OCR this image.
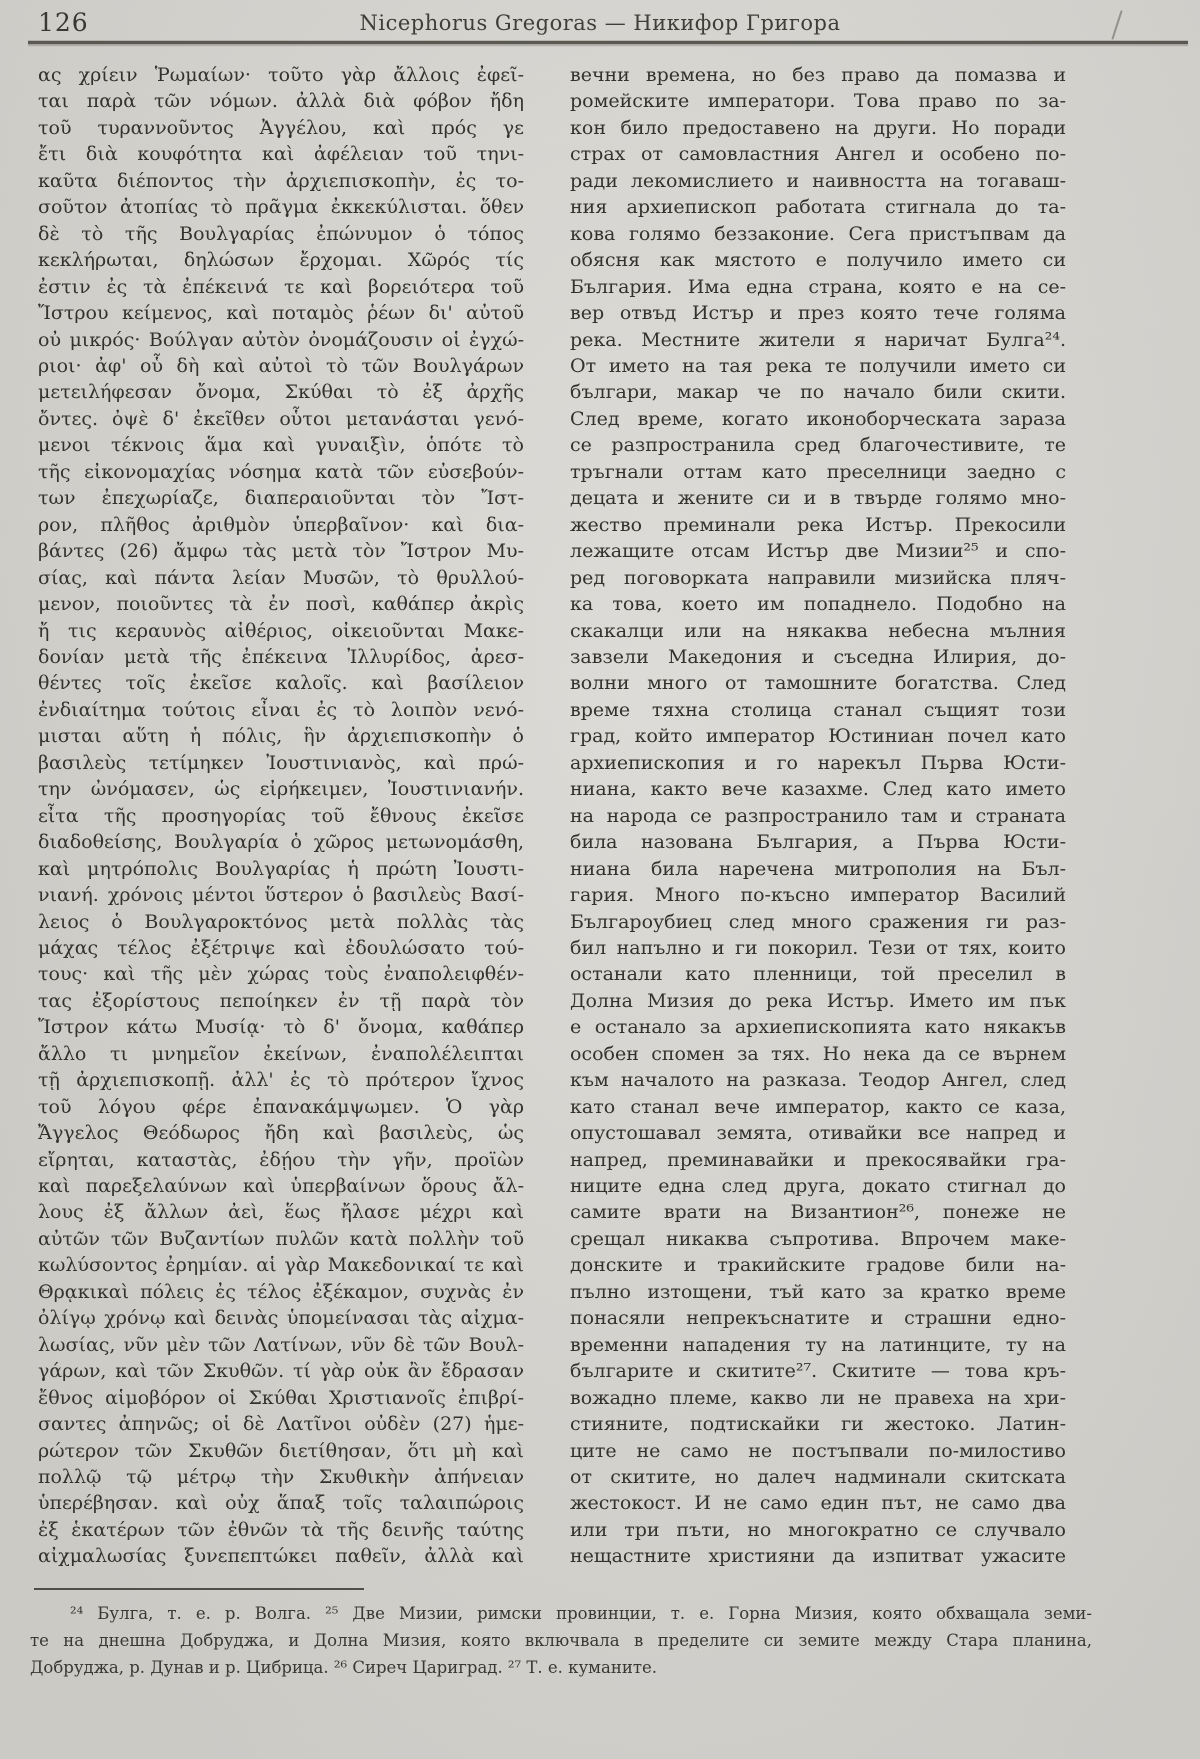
126	Nicephorus Gregoras — Никифор Григора
ας χρίειν Ῥωμαίων· τοῦτο γὰρ ἄλλοις ἐφεῖ-
ται παρὰ τῶν νόμων. ἀλλὰ διὰ φόβον ἤδη
τοῦ τυραννοῦντος Ἀγγέλου, καὶ πρός γε
ἔτι διὰ κουφότητα καὶ ἀφέλειαν τοῦ τηνι-
καῦτα διέποντος τὴν ἀρχιεπισκοπὴν, ἐς το-
σοῦτον ἀτοπίας τὸ πρᾶγμα ἐκκεκύλισται. ὅθεν
δὲ τὸ τῆς Βουλγαρίας ἐπώνυμον ὁ τόπος
κεκλήρωται, δηλώσων ἔρχομαι. Χῶρός τίς
ἐστιν ἐς τὰ ἐπέκεινά τε καὶ βορειότερα τοῦ
Ἴστρου κείμενος, καὶ ποταμὸς ῥέων δι' αὐτοῦ
οὐ μικρός· Βούλγαν αὐτὸν ὀνομάζουσιν οἱ ἐγχώ-
ριοι· ἀφ' οὗ δὴ καὶ αὐτοὶ τὸ τῶν Βουλγάρων
μετειλήφεσαν ὄνομα, Σκύθαι τὸ ἐξ ἀρχῆς
ὄντες. ὀψὲ δ' ἐκεῖθεν οὗτοι μετανάσται γενό-
μενοι τέκνοις ἅμα καὶ γυναιξὶν, ὁπότε τὸ
τῆς εἰκονομαχίας νόσημα κατὰ τῶν εὐσεβούν-
των ἐπεχωρίαζε, διαπεραιοῦνται τὸν Ἴστ-
ρον, πλῆθος ἀριθμὸν ὑπερβαῖνον· καὶ δια-
βάντες (26) ἄμφω τὰς μετὰ τὸν Ἴστρον Μυ-
σίας, καὶ πάντα λείαν Μυσῶν, τὸ θρυλλού-
μενον, ποιοῦντες τὰ ἐν ποσὶ, καθάπερ ἀκρὶς
ἤ τις κεραυνὸς αἰθέριος, οἰκειοῦνται Μακε-
δονίαν μετὰ τῆς ἐπέκεινα Ἰλλυρίδος, ἀρεσ-
θέντες τοῖς ἐκεῖσε καλοῖς. καὶ βασίλειον
ἐνδιαίτημα τούτοις εἶναι ἐς τὸ λοιπὸν νενό-
μισται αὕτη ἡ πόλις, ἣν ἀρχιεπισκοπὴν ὁ
βασιλεὺς τετίμηκεν Ἰουστινιανὸς, καὶ πρώ-
την ὠνόμασεν, ὡς εἰρήκειμεν, Ἰουστινιανήν.
εἶτα τῆς προσηγορίας τοῦ ἔθνους ἐκεῖσε
διαδοθείσης, Βουλγαρία ὁ χῶρος μετωνομάσθη,
καὶ μητρόπολις Βουλγαρίας ἡ πρώτη Ἰουστι-
νιανή. χρόνοις μέντοι ὕστερον ὁ βασιλεὺς Βασί-
λειος ὁ Βουλγαροκτόνος μετὰ πολλὰς τὰς
μάχας τέλος ἐξέτριψε καὶ ἐδουλώσατο τού-
τους· καὶ τῆς μὲν χώρας τοὺς ἐναπολειφθέν-
τας ἐξορίστους πεποίηκεν ἐν τῇ παρὰ τὸν
Ἴστρον κάτω Μυσίᾳ· τὸ δ' ὄνομα, καθάπερ
ἄλλο τι μνημεῖον ἐκείνων, ἐναπολέλειπται
τῇ ἀρχιεπισκοπῇ. ἀλλ' ἐς τὸ πρότερον ἴχνος
τοῦ λόγου φέρε ἐπανακάμψωμεν. Ὁ γὰρ
Ἄγγελος Θεόδωρος ἤδη καὶ βασιλεὺς, ὡς
εἴρηται, καταστὰς, ἐδῄου τὴν γῆν, προϊὼν
καὶ παρεξελαύνων καὶ ὑπερβαίνων ὅρους ἄλ-
λους ἐξ ἄλλων ἀεὶ, ἕως ἤλασε μέχρι καὶ
αὐτῶν τῶν Βυζαντίων πυλῶν κατὰ πολλὴν τοῦ
κωλύσοντος ἐρημίαν. αἱ γὰρ Μακεδονικαί τε καὶ
Θρᾳκικαὶ πόλεις ἐς τέλος ἐξέκαμον, συχνὰς ἐν
ὀλίγῳ χρόνῳ καὶ δεινὰς ὑπομείνασαι τὰς αἰχμα-
λωσίας, νῦν μὲν τῶν Λατίνων, νῦν δὲ τῶν Βουλ-
γάρων, καὶ τῶν Σκυθῶν. τί γὰρ οὐκ ἂν ἔδρασαν
ἔθνος αἱμοβόρον οἱ Σκύθαι Χριστιανοῖς ἐπιβρί-
σαντες ἀπηνῶς; οἱ δὲ Λατῖνοι οὐδὲν (27) ἡμε-
ρώτερον τῶν Σκυθῶν διετίθησαν, ὅτι μὴ καὶ
πολλῷ τῷ μέτρῳ τὴν Σκυθικὴν ἀπήνειαν
ὑπερέβησαν. καὶ οὐχ ἅπαξ τοῖς ταλαιπώροις
ἐξ ἑκατέρων τῶν ἐθνῶν τὰ τῆς δεινῆς ταύτης
αἰχμαλωσίας ξυνεπεπτώκει παθεῖν, ἀλλὰ καὶ
вечни времена, но без право да помазва и
ромейските императори. Това право по за-
кон било предоставено на други. Но поради
страх от самовластния Ангел и особено по-
ради лекомислието и наивността на тогаваш-
ния архиепископ работата стигнала до та-
кова голямо беззаконие. Сега пристъпвам да
обясня как мястото е получило името си
България. Има една страна, която е на се-
вер отвъд Истър и през която тече голяма
река. Местните жители я наричат Булга²⁴.
От името на тая река те получили името си
българи, макар че по начало били скити.
След време, когато иконоборческата зараза
се разпространила сред благочестивите, те
тръгнали оттам като преселници заедно с
децата и жените си и в твърде голямо мно-
жество преминали река Истър. Прекосили
лежащите отсам Истър две Мизии²⁵ и спо-
ред поговорката направили мизийска пляч-
ка това, което им попаднело. Подобно на
скакалци или на някаква небесна мълния
завзели Македония и съседна Илирия, до-
волни много от тамошните богатства. След
време тяхна столица станал същият този
град, който император Юстиниан почел като
архиепископия и го нарекъл Първа Юсти-
ниана, както вече казахме. След като името
на народа се разпространило там и страната
била назована България, а Първа Юсти-
ниана била наречена митрополия на Бъл-
гария. Много по-късно император Василий
Българоубиец след много сражения ги раз-
бил напълно и ги покорил. Тези от тях, които
останали като пленници, той преселил в
Долна Мизия до река Истър. Името им пък
е останало за архиепископията като някакъв
особен спомен за тях. Но нека да се върнем
към началото на разказа. Теодор Ангел, след
като станал вече император, както се каза,
опустошавал земята, отивайки все напред и
напред, преминавайки и прекосявайки гра-
ниците една след друга, докато стигнал до
самите врати на Византион²⁶, понеже не
срещал никаква съпротива. Впрочем маке-
донските и тракийските градове били на-
пълно изтощени, тъй като за кратко време
понасяли непрекъснатите и страшни едно-
временни нападения ту на латинците, ту на
българите и скитите²⁷. Скитите — това кръ-
вожадно племе, какво ли не правеха на хри-
стияните, подтискайки ги жестоко. Латин-
ците не само не постъпвали по-милостиво
от скитите, но далеч надминали скитската
жестокост. И не само един път, не само два
или три пъти, но многократно се случвало
нещастните християни да изпитват ужасите
²⁴ Булга, т. е. р. Волга. ²⁵ Две Мизии, римски провинции, т. е. Горна Мизия, която обхващала земи-
те на днешна Добруджа, и Долна Мизия, която включвала в пределите си земите между Стара планина,
Добруджа, р. Дунав и р. Цибрица. ²⁶ Сиреч Цариград. ²⁷ Т. е. куманите.
